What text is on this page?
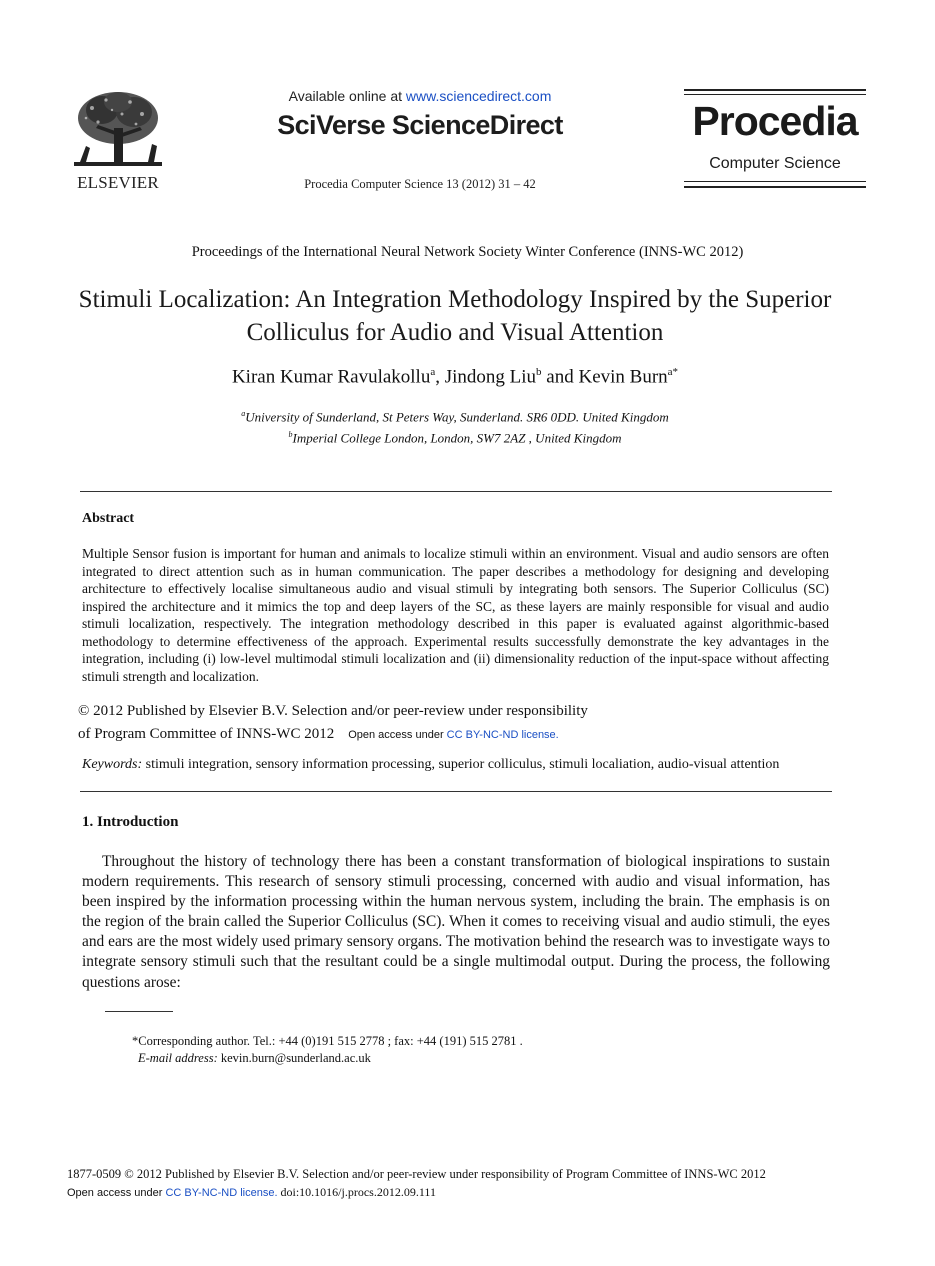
ELSEVIER
Available online at www.sciencedirect.com
SciVerse ScienceDirect
Procedia Computer Science 13 (2012) 31 – 42
Procedia
Computer Science
Proceedings of the International Neural Network Society Winter Conference (INNS-WC 2012)
Stimuli Localization: An Integration Methodology Inspired by the Superior Colliculus for Audio and Visual Attention
Kiran Kumar Ravulakollu$^a$, Jindong Liu$^b$ and Kevin Burn$^{a*}$
$^a$University of Sunderland, St Peters Way, Sunderland. SR6 0DD. United Kingdom
$^b$Imperial College London, London, SW7 2AZ , United Kingdom
Abstract
Multiple Sensor fusion is important for human and animals to localize stimuli within an environment. Visual and audio sensors are often integrated to direct attention such as in human communication. The paper describes a methodology for designing and developing architecture to effectively localise simultaneous audio and visual stimuli by integrating both sensors. The Superior Colliculus (SC) inspired the architecture and it mimics the top and deep layers of the SC, as these layers are mainly responsible for visual and audio stimuli localization, respectively. The integration methodology described in this paper is evaluated against algorithmic-based methodology to determine effectiveness of the approach. Experimental results successfully demonstrate the key advantages in the integration, including (i) low-level multimodal stimuli localization and (ii) dimensionality reduction of the input-space without affecting stimuli strength and localization.
© 2012 Published by Elsevier B.V. Selection and/or peer-review under responsibility
of Program Committee of INNS-WC 2012 Open access under CC BY-NC-ND license.
Keywords: stimuli integration, sensory information processing, superior colliculus, stimuli localiation, audio-visual attention
1. Introduction
Throughout the history of technology there has been a constant transformation of biological inspirations to sustain modern requirements. This research of sensory stimuli processing, concerned with audio and visual information, has been inspired by the information processing within the human nervous system, including the brain. The emphasis is on the region of the brain called the Superior Colliculus (SC). When it comes to receiving visual and audio stimuli, the eyes and ears are the most widely used primary sensory organs. The motivation behind the research was to investigate ways to integrate sensory stimuli such that the resultant could be a single multimodal output. During the process, the following questions arose:
*Corresponding author. Tel.: +44 (0)191 515 2778 ; fax: +44 (191) 515 2781 .
E-mail address: kevin.burn@sunderland.ac.uk
1877-0509 © 2012 Published by Elsevier B.V. Selection and/or peer-review under responsibility of Program Committee of INNS-WC 2012
Open access under CC BY-NC-ND license. doi:10.1016/j.procs.2012.09.111
